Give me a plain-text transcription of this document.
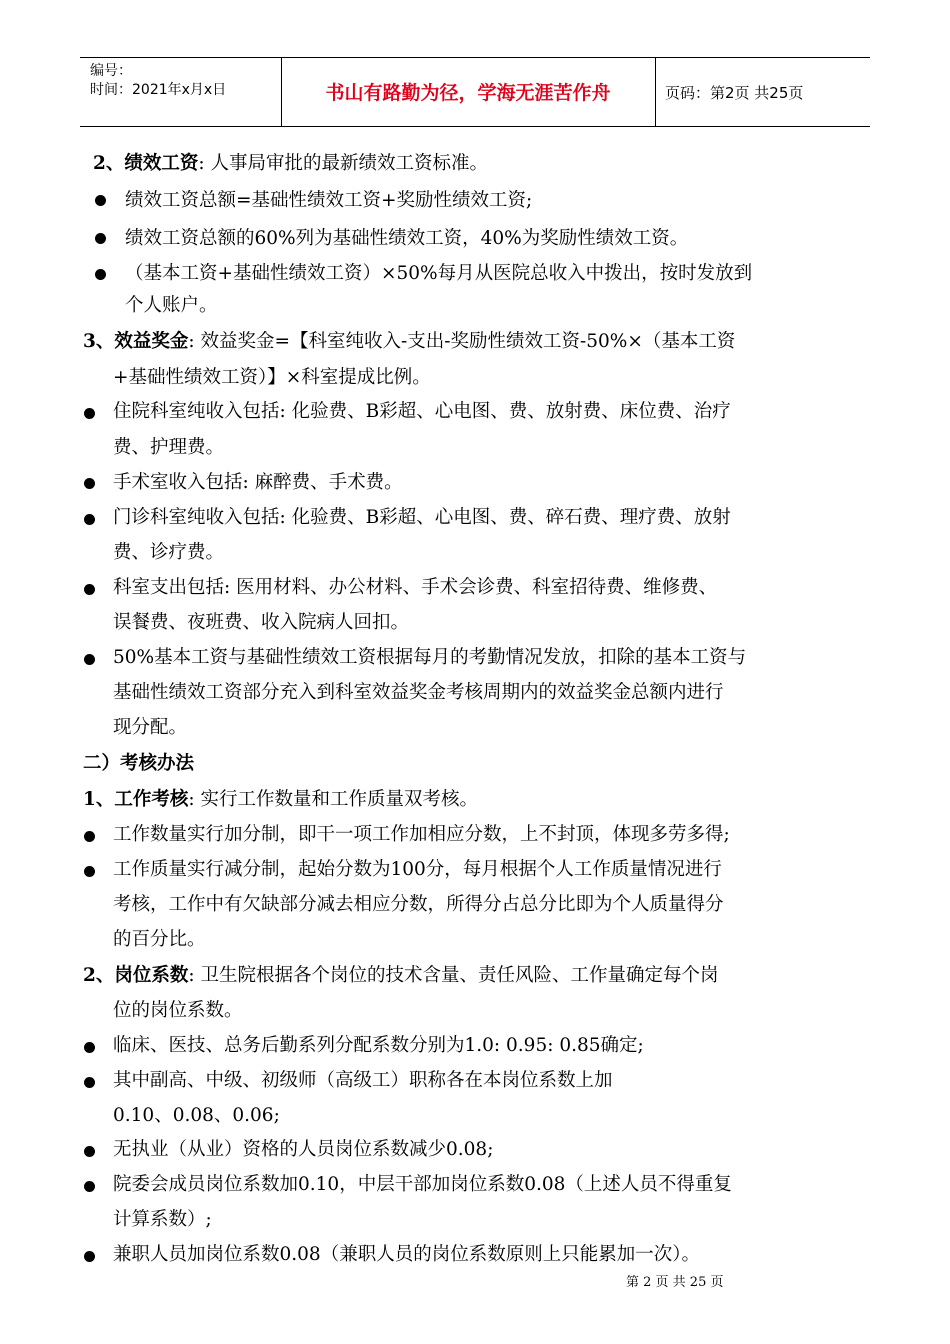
编号：
时间：2021年x月x日	书山有路勤为径，学海无涯苦作舟	页码：第2页 共25页
2、绩效工资: 人事局审批的最新绩效工资标准。
绩效工资总额=基础性绩效工资+奖励性绩效工资;
绩效工资总额的60%列为基础性绩效工资，40%为奖励性绩效工资。
（基本工资+基础性绩效工资）×50%每月从医院总收入中拨出，按时发放到
个人账户。
3、效益奖金: 效益奖金=【科室纯收入-支出-奖励性绩效工资-50%×（基本工资
+基础性绩效工资）】×科室提成比例。
住院科室纯收入包括: 化验费、B彩超、心电图、费、放射费、床位费、治疗
费、护理费。
手术室收入包括: 麻醉费、手术费。
门诊科室纯收入包括: 化验费、B彩超、心电图、费、碎石费、理疗费、放射
费、诊疗费。
科室支出包括: 医用材料、办公材料、手术会诊费、科室招待费、维修费、
误餐费、夜班费、收入院病人回扣。
50%基本工资与基础性绩效工资根据每月的考勤情况发放，扣除的基本工资与
基础性绩效工资部分充入到科室效益奖金考核周期内的效益奖金总额内进行
现分配。
二）考核办法
1、工作考核: 实行工作数量和工作质量双考核。
工作数量实行加分制，即干一项工作加相应分数，上不封顶，体现多劳多得;
工作质量实行减分制，起始分数为100分，每月根据个人工作质量情况进行
考核，工作中有欠缺部分减去相应分数，所得分占总分比即为个人质量得分
的百分比。
2、岗位系数: 卫生院根据各个岗位的技术含量、责任风险、工作量确定每个岗
位的岗位系数。
临床、医技、总务后勤系列分配系数分别为1.0: 0.95: 0.85确定;
其中副高、中级、初级师（高级工）职称各在本岗位系数上加
0.10、0.08、0.06;
无执业（从业）资格的人员岗位系数减少0.08;
院委会成员岗位系数加0.10，中层干部加岗位系数0.08（上述人员不得重复
计算系数）;
兼职人员加岗位系数0.08（兼职人员的岗位系数原则上只能累加一次）。
第 2 页 共 25 页
